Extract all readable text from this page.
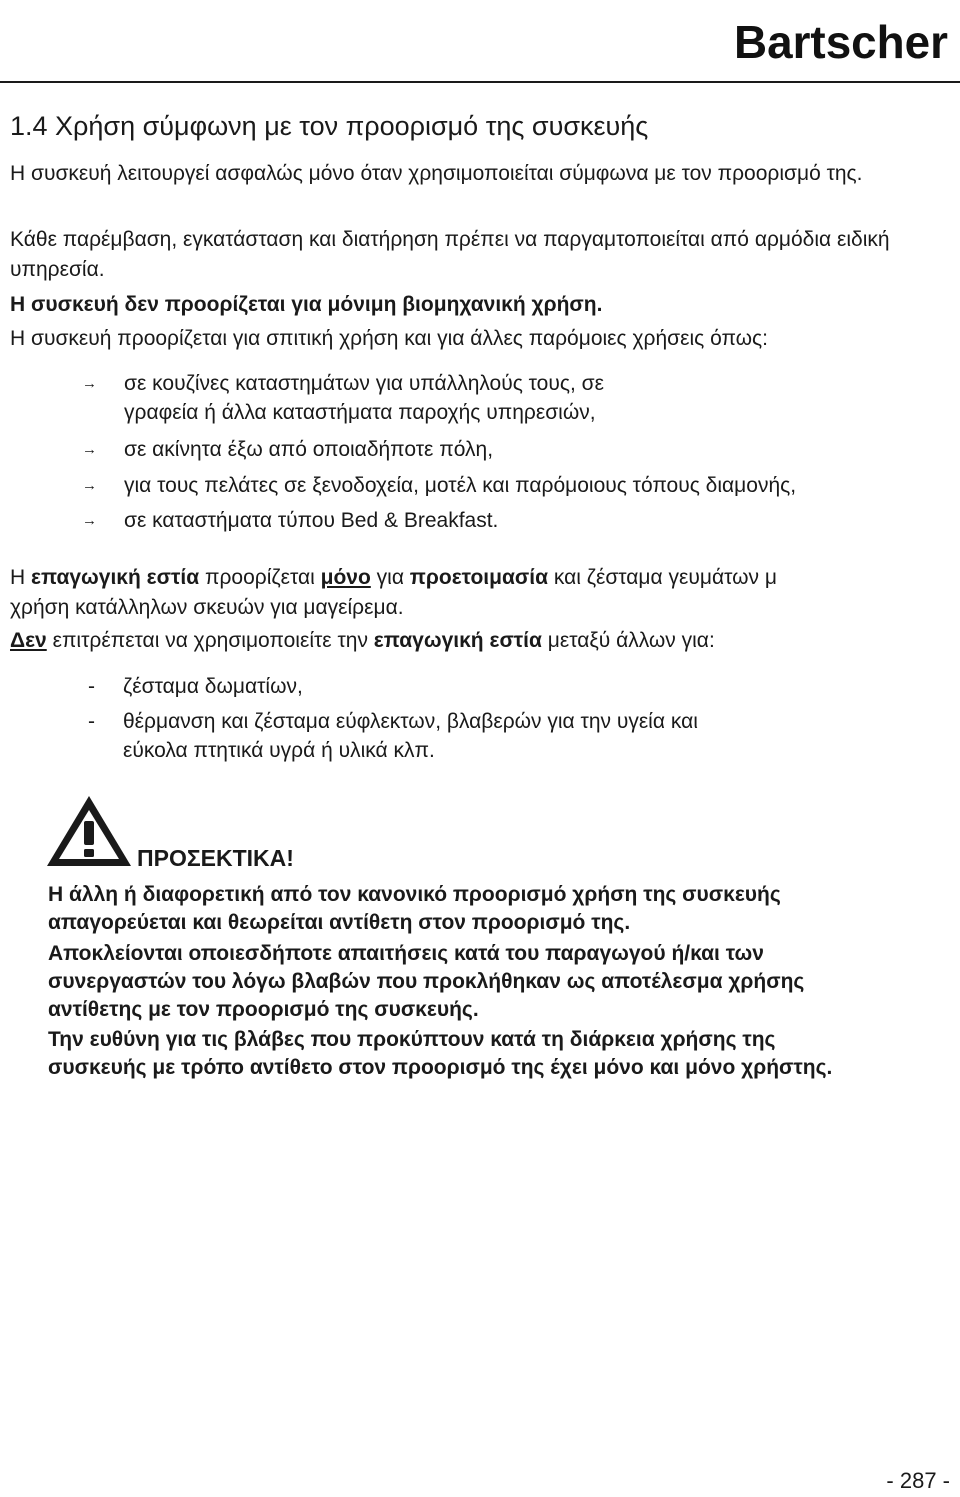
Bartscher
1.4 Χρήση σύμφωνη με τον προορισμό της συσκευής

Η συσκευή λειτουργεί ασφαλώς μόνο όταν χρησιμοποιείται σύμφωνα με τον προορισμό της.

Κάθε παρέμβαση, εγκατάσταση και διατήρηση πρέπει να παργαμτοποιείται από αρμόδια ειδική υπηρεσία.

Η συσκευή δεν προορίζεται για μόνιμη βιομηχανική χρήση.

Η συσκευή προορίζεται για σπιτική χρήση και για άλλες παρόμοιες χρήσεις όπως:

→ σε κουζίνες καταστημάτων για υπάλληλούς τους, σε
γραφεία ή άλλα καταστήματα παροχής υπηρεσιών,
→ σε ακίνητα έξω από οποιαδήποτε πόλη,
→ για τους πελάτες σε ξενοδοχεία, μοτέλ και παρόμοιους τόπους διαμονής,
→ σε καταστήματα τύπου Bed & Breakfast.

Η επαγωγική εστία προορίζεται μόνο για προετοιμασία και ζέσταμα γευμάτων μ

χρήση κατάλληλων σκευών για μαγείρεμα.

Δεν επιτρέπεται να χρησιμοποιείτε την επαγωγική εστία μεταξύ άλλων για:

- ζέσταμα δωματίων,
- θέρμανση και ζέσταμα εύφλεκτων, βλαβερών για την υγεία και
εύκολα πτητικά υγρά ή υλικά κλπ.
ΠΡΟΣΕΚΤΙΚΑ!

Η άλλη ή διαφορετική από τον κανονικό προορισμό χρήση της συσκευής

απαγορεύεται και θεωρείται αντίθετη στον προορισμό της.

Αποκλείονται οποιεσδήποτε απαιτήσεις κατά του παραγωγού ή/και των

συνεργαστών του λόγω βλαβών που προκλήθηκαν ως αποτέλεσμα χρήσης

αντίθετης με τον προορισμό της συσκευής.

Την ευθύνη για τις βλάβες που προκύπτουν κατά τη διάρκεια χρήσης της

συσκευής με τρόπο αντίθετο στον προορισμό της έχει μόνο και μόνο χρήστης.

- 287 -
